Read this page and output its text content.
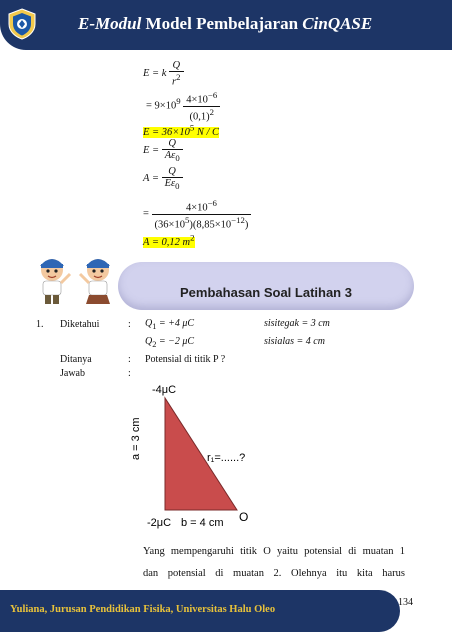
E-Modul Model Pembelajaran CinQASE
E = k $\frac{Q}{r^2}$
= $9\times 10^9 \frac{4\times 10^{-6}}{(0,1)^2}$
$E = 36\times 10^5$ N / C
$E = \frac{Q}{A\varepsilon_0}$
$A = \frac{Q}{E\varepsilon_0}$
= $\frac{4\times 10^{-6}}{(36\times 10^5)(8,85\times 10^{-12})}$
A = 0,12 $m^2$
Pembahasan Soal Latihan 3
1. Diketahui	: $Q_1 = +4$ μC	sisitegak = 3 cm
$Q_2 = -2$ μC	sisialas = 4 cm
Ditanya	: Potensial di titik P ?
Jawab	:
-4μC
a = 3 cm	r₁=......?
-2μC b = 4 cm O
Yang mempengaruhi titik O yaitu potensial di muatan 1
dan potensial di muatan 2. Olehnya itu kita harus
Yuliana, Jurusan Pendidikan Fisika, Universitas Halu Oleo
134
